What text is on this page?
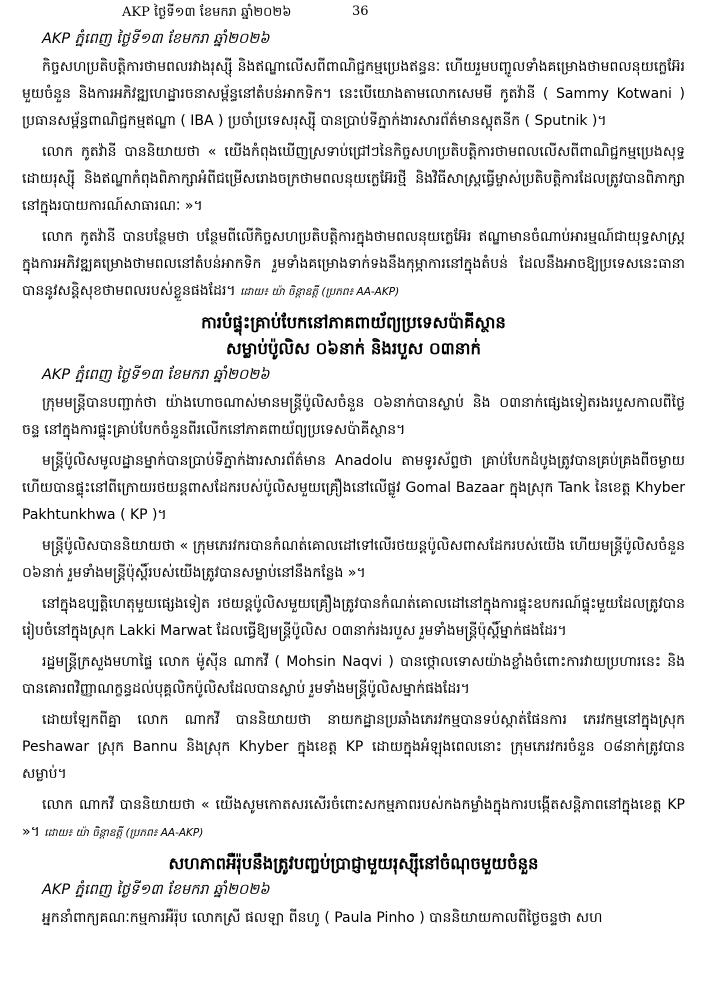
AKP ថ្ងៃទី១៣ ខែមករា ឆ្នាំ២០២៦	36
AKP ភ្នំពេញ ថ្ងៃទី១៣ ខែមករា ឆ្នាំ២០២៦

កិច្ចសហប្រតិបត្តិការថាមពលរវាងរុស្ស៊ី និងឥណ្ឌាលើសពីពាណិជ្ជកម្មប្រេងឥន្ធនៈ ហើយរួមបញ្ចូលទាំងគម្រោងថាមពលនុយក្លេអ៊ែរមួយចំនួន និងការអភិវឌ្ឍហេដ្ឋារចនាសម្ព័ន្ធនៅតំបន់អាកទិក។ នេះបើយោងតាមលោកសេមមី កូតវ៉ានី ( Sammy Kotwani ) ប្រធានសម្ព័ន្ធពាណិជ្ជកម្មឥណ្ឌា ( IBA ) ប្រចាំប្រទេសរុស្ស៊ី បានប្រាប់ទីភ្នាក់ងារសារព័ត៌មានស្ពុតនីក ( Sputnik )។

លោក កូតវ៉ានី បាននិយាយថា « យើងកំពុងឃើញស្រទាប់ជ្រៅៗនៃកិច្ចសហប្រតិបត្តិការថាមពលលើសពីពាណិជ្ជកម្មប្រេងសុទ្ធ ដោយរុស្ស៊ី និងឥណ្ឌាកំពុងពិភាក្សាអំពីជម្រើសរោងចក្រថាមពលនុយក្លេអ៊ែរថ្មី និងវិធីសាស្ត្រធ្វើម្ចាស់ប្រតិបត្តិការដែលត្រូវបានពិភាក្សានៅក្នុងរបាយការណ៍សាធារណៈ »។

លោក កូតវ៉ានី បានបន្ថែមថា បន្ថែមពីលើកិច្ចសហប្រតិបត្តិការក្នុងថាមពលនុយក្លេអ៊ែរ ឥណ្ឌាមានចំណាប់អារម្មណ៍ជាយុទ្ធសាស្ត្រក្នុងការអភិវឌ្ឍគម្រោងថាមពលនៅតំបន់អាកទិក រួមទាំងគម្រោងទាក់ទងនឹងកុម្ភាការនៅក្នុងតំបន់ ដែលនឹងអាចឱ្យប្រទេសនេះធានាបាននូវសន្តិសុខថាមពលរបស់ខ្លួនផងដែរ។ ដោយ៖ យ៉ា ចិន្តាឧត្តី (ប្រភព៖ AA-AKP)

ការបំផ្ទុះគ្រាប់បែកនៅភាគពាយ័ព្យប្រទេសប៉ាគីស្ថាន
សម្លាប់ប៉ូលិស ០៦នាក់ និងរបួស ០៣នាក់
AKP ភ្នំពេញ ថ្ងៃទី១៣ ខែមករា ឆ្នាំ២០២៦

ក្រុមមន្ត្រីបានបញ្ជាក់ថា យ៉ាងហោចណាស់មានមន្ត្រីប៉ូលិសចំនួន ០៦នាក់បានស្លាប់ និង ០៣នាក់ផ្សេងទៀតរងរបួសកាលពីថ្ងៃចន្ទ នៅក្នុងការផ្ទុះគ្រាប់បែកចំនួនពីរលើកនៅភាគពាយ័ព្យប្រទេសប៉ាគីស្ថាន។

មន្ត្រីប៉ូលិសមូលដ្ឋានម្នាក់បានប្រាប់ទីភ្នាក់ងារសារព័ត៌មាន Anadolu តាមទូរស័ព្ទថា គ្រាប់បែកដំបូងត្រូវបានគ្រប់គ្រងពីចម្ងាយ ហើយបានផ្ទុះនៅពីក្រោយរថយន្តពាសដែករបស់ប៉ូលិសមួយគ្រឿងនៅលើផ្លូវ Gomal Bazaar ក្នុងស្រុក Tank នៃខេត្ត Khyber Pakhtunkhwa ( KP )។

មន្ត្រីប៉ូលិសបាននិយាយថា « ក្រុមភេរវករបានកំណត់គោលដៅទៅលើរថយន្តប៉ូលិសពាសដែករបស់យើង ហើយមន្ត្រីប៉ូលិសចំនួន ០៦នាក់ រួមទាំងមន្ត្រីប៉ុស្តិ៍របស់យើងត្រូវបានសម្លាប់នៅនឹងកន្លែង »។

នៅក្នុងឧប្បត្តិហេតុមួយផ្សេងទៀត រថយន្តប៉ូលិសមួយគ្រឿងត្រូវបានកំណត់គោលដៅនៅក្នុងការផ្ទុះឧបករណ៍ផ្ទុះមួយដែលត្រូវបានរៀបចំនៅក្នុងស្រុក Lakki Marwat ដែលធ្វើឱ្យមន្ត្រីប៉ូលិស ០៣នាក់រងរបួស រួមទាំងមន្ត្រីប៉ុស្តិ៍ម្នាក់ផងដែរ។

រដ្ឋមន្ត្រីក្រសួងមហាផ្ទៃ លោក ម៉ូស៊ីន ណាកវី ( Mohsin Naqvi ) បានថ្កោលទោសយ៉ាងខ្លាំងចំពោះការវាយប្រហារនេះ និងបានគោរពវិញ្ញាណក្ខន្ធដល់បុគ្គលិកប៉ូលិសដែលបានស្លាប់ រួមទាំងមន្ត្រីប៉ូលិសម្នាក់ផងដែរ។

ដោយឡែកពីគ្នា លោក ណាកវី បាននិយាយថា នាយកដ្ឋានប្រឆាំងភេរវកម្មបានទប់ស្កាត់ផែនការ ភេរវកម្មនៅក្នុងស្រុក Peshawar ស្រុក Bannu និងស្រុក Khyber ក្នុងខេត្ត KP ដោយក្នុងអំឡុងពេលនោះ ក្រុមភេរវករចំនួន ០៨នាក់ត្រូវបានសម្លាប់។

លោក ណាកវី បាននិយាយថា « យើងសូមកោតសរសើរចំពោះសកម្មភាពរបស់កងកម្លាំងក្នុងការបង្កើតសន្តិភាពនៅក្នុងខេត្ត KP »។ ដោយ៖ យ៉ា ចិន្តាឧត្តី (ប្រភព៖ AA-AKP)

សហភាពអឺរ៉ុបនឹងត្រូវបញ្ចប់ប្រាជ្ញាមួយរុស្ស៊ីនៅចំណុចមួយចំនួន
AKP ភ្នំពេញ ថ្ងៃទី១៣ ខែមករា ឆ្នាំ២០២៦

អ្នកនាំពាក្យគណៈកម្មការអឺរ៉ុប លោកស្រី ផលឡា ពីនហូ ( Paula Pinho ) បាននិយាយកាលពីថ្ងៃចន្ទថា សហ
